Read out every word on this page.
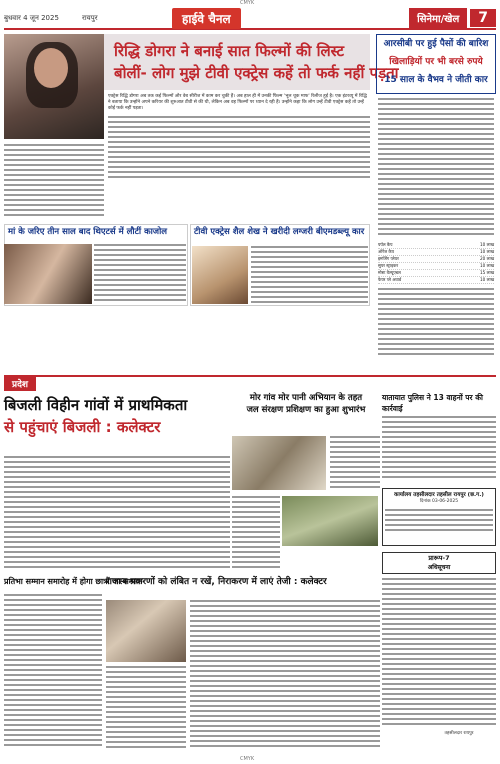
CMYK
बुधवार 4 जून 2025	रायपुर	हाईवे चैनल	सिनेमा/खेल	7
रिद्धि डोगरा ने बनाई सात फिल्मों की लिस्ट
बोलीं- लोग मुझे टीवी एक्ट्रेस कहें तो फर्क नहीं पड़ता

एक्ट्रेस रिद्धि डोगरा अब तक कई फिल्मों और वेब सीरीज में काम कर चुकी हैं। अब हाल ही में उनकी फिल्म 'भूल चूक माफ' रिलीज हुई है। एक इंटरव्यू में रिद्धि ने बताया कि उन्होंने अपने करियर की शुरुआत टीवी से की थी, लेकिन अब वह फिल्मों पर ध्यान दे रही हैं। उन्होंने कहा कि लोग उन्हें टीवी एक्ट्रेस कहें तो उन्हें कोई फर्क नहीं पड़ता।

मां के जरिए तीन साल बाद थिएटर्स में लौटीं काजोल	टीवी एक्ट्रेस शैल शेख ने खरीदी लग्जरी बीएमडब्ल्यू कार
आरसीबी पर हुई पैसों की बारिश
खिलाड़ियों पर भी बरसे रुपये
15 साल के वैभव ने जीती कार
पर्पल कैप	10 लाख
ऑरेंज कैप	10 लाख
इमर्जिंग प्लेयर	20 लाख
सुपर स्ट्राइकर	10 लाख
मोस्ट वैल्यूएबल	15 लाख
फेयर प्ले अवार्ड	10 लाख
प्रदेश
बिजली विहीन गांवों में प्राथमिकता
से पहुंचाएं बिजली : कलेक्टर
मोर गांव मोर पानी अभियान के तहत
जल संरक्षण प्रशिक्षण का हुआ शुभारंभ
यातायात पुलिस ने 13 वाहनों पर की कार्रवाई
कार्यालय तहसीलदार तहसील रायपुर (छ.ग.)
दिनांक 03-06-2025
प्रारूप-7
अधिसूचना
तहसीलदार रायपुर
प्रतिभा सम्मान समारोह में होगा छात्रों का सम्मान
राजस्व प्रकरणों को लंबित न रखें, निराकरण में लाएं तेजी : कलेक्टर
CMYK
